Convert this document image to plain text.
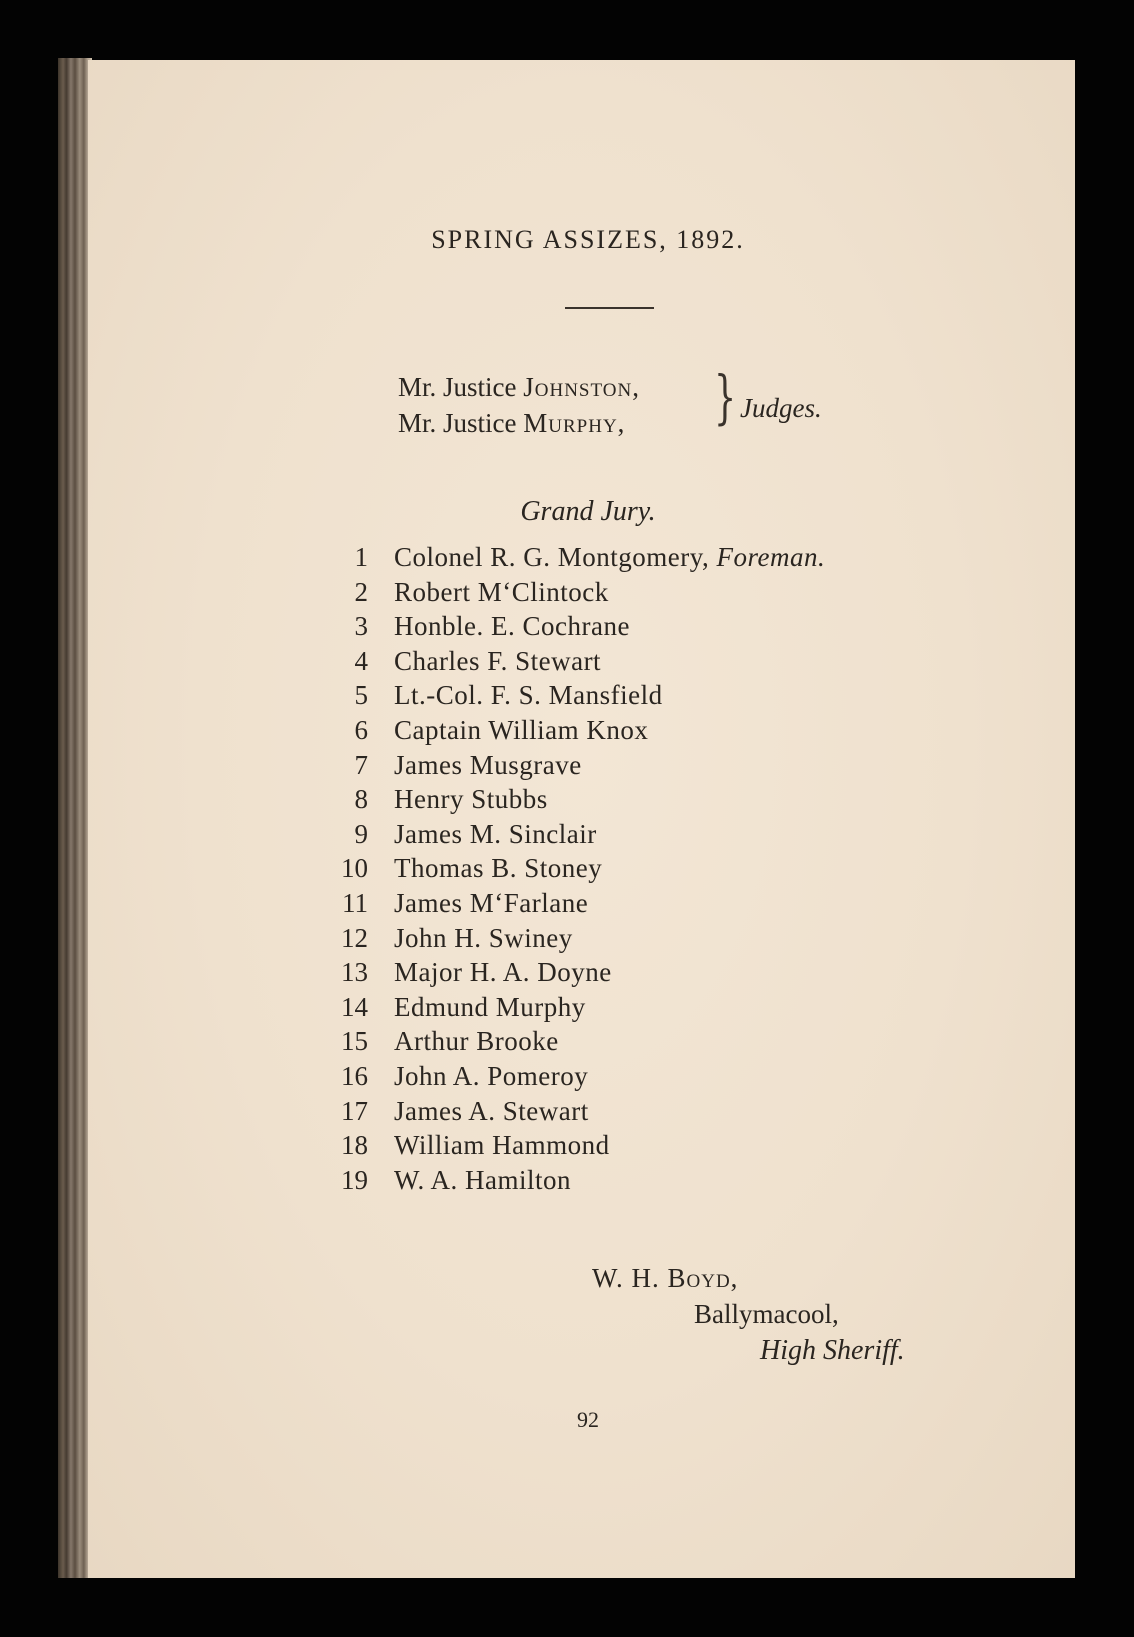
SPRING ASSIZES, 1892.
Mr. Justice Johnston,
Mr. Justice Murphy, } Judges.
Grand Jury.
1 Colonel R. G. Montgomery, Foreman.
2 Robert M‘Clintock
3 Honble. E. Cochrane
4 Charles F. Stewart
5 Lt.-Col. F. S. Mansfield
6 Captain William Knox
7 James Musgrave
8 Henry Stubbs
9 James M. Sinclair
10 Thomas B. Stoney
11 James M‘Farlane
12 John H. Swiney
13 Major H. A. Doyne
14 Edmund Murphy
15 Arthur Brooke
16 John A. Pomeroy
17 James A. Stewart
18 William Hammond
19 W. A. Hamilton
W. H. Boyd,
Ballymacool,
High Sheriff.
92
